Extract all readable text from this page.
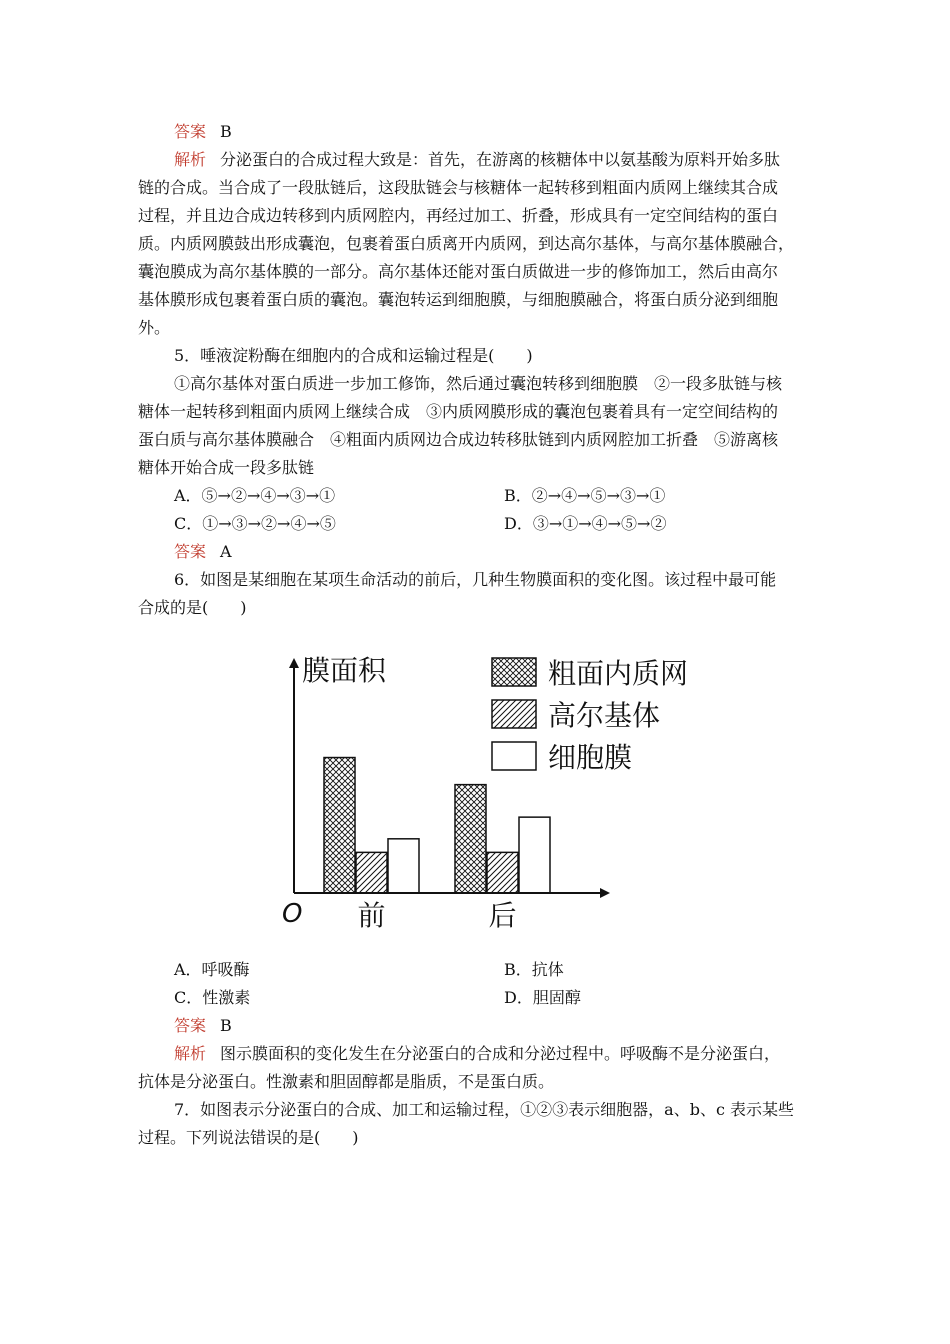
答案 B
解析 分泌蛋白的合成过程大致是：首先，在游离的核糖体中以氨基酸为原料开始多肽
链的合成。当合成了一段肽链后，这段肽链会与核糖体一起转移到粗面内质网上继续其合成
过程，并且边合成边转移到内质网腔内，再经过加工、折叠，形成具有一定空间结构的蛋白
质。内质网膜鼓出形成囊泡，包裹着蛋白质离开内质网，到达高尔基体，与高尔基体膜融合，
囊泡膜成为高尔基体膜的一部分。高尔基体还能对蛋白质做进一步的修饰加工，然后由高尔
基体膜形成包裹着蛋白质的囊泡。囊泡转运到细胞膜，与细胞膜融合，将蛋白质分泌到细胞
外。
5．唾液淀粉酶在细胞内的合成和运输过程是(　　)
①高尔基体对蛋白质进一步加工修饰，然后通过囊泡转移到细胞膜　②一段多肽链与核
糖体一起转移到粗面内质网上继续合成　③内质网膜形成的囊泡包裹着具有一定空间结构的
蛋白质与高尔基体膜融合　④粗面内质网边合成边转移肽链到内质网腔加工折叠　⑤游离核
糖体开始合成一段多肽链
A．⑤→②→④→③→①	B．②→④→⑤→③→①
C．①→③→②→④→⑤	D．③→①→④→⑤→②
答案 A
6．如图是某细胞在某项生命活动的前后，几种生物膜面积的变化图。该过程中最可能
合成的是(　　)
膜面积
O 前	后
粗面内质网
高尔基体
细胞膜
A．呼吸酶	B．抗体
C．性激素	D．胆固醇
答案 B
解析 图示膜面积的变化发生在分泌蛋白的合成和分泌过程中。呼吸酶不是分泌蛋白，
抗体是分泌蛋白。性激素和胆固醇都是脂质，不是蛋白质。
7．如图表示分泌蛋白的合成、加工和运输过程，①②③表示细胞器，a、b、c 表示某些
过程。下列说法错误的是(　　)
